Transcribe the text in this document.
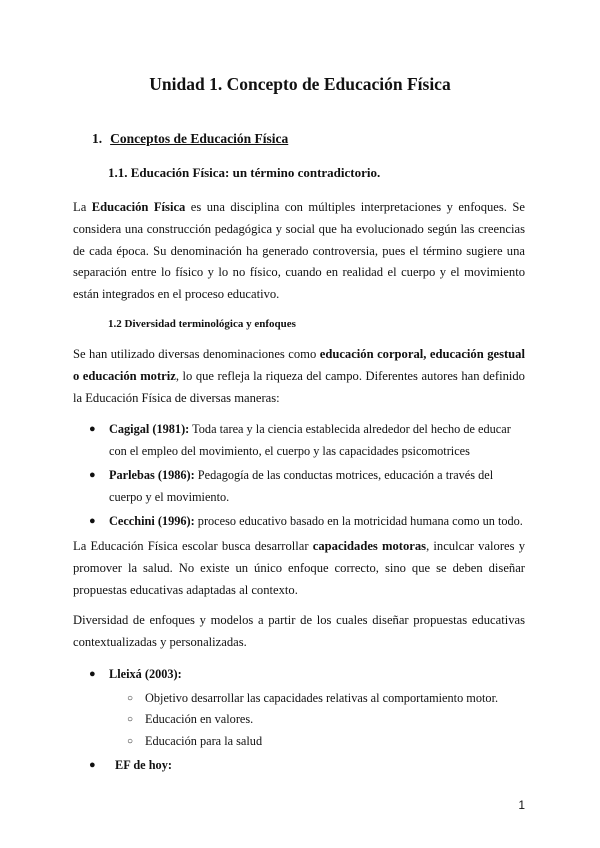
Unidad 1. Concepto de Educación Física
1. Conceptos de Educación Física
1.1. Educación Física: un término contradictorio.

La Educación Física es una disciplina con múltiples interpretaciones y enfoques. Se considera una construcción pedagógica y social que ha evolucionado según las creencias de cada época. Su denominación ha generado controversia, pues el término sugiere una separación entre lo físico y lo no físico, cuando en realidad el cuerpo y el movimiento están integrados en el proceso educativo.

1.2 Diversidad terminológica y enfoques

Se han utilizado diversas denominaciones como educación corporal, educación gestual o educación motriz, lo que refleja la riqueza del campo. Diferentes autores han definido la Educación Física de diversas maneras:

● Cagigal (1981): Toda tarea y la ciencia establecida alrededor del hecho de educar con el empleo del movimiento, el cuerpo y las capacidades psicomotrices
● Parlebas (1986): Pedagogía de las conductas motrices, educación a través del cuerpo y el movimiento.
● Cecchini (1996): proceso educativo basado en la motricidad humana como un todo.

La Educación Física escolar busca desarrollar capacidades motoras, inculcar valores y promover la salud. No existe un único enfoque correcto, sino que se deben diseñar propuestas educativas adaptadas al contexto.

Diversidad de enfoques y modelos a partir de los cuales diseñar propuestas educativas contextualizadas y personalizadas.

● Lleixá (2003):
○ Objetivo desarrollar las capacidades relativas al comportamiento motor.
○ Educación en valores.
○ Educación para la salud
● EF de hoy:
1
